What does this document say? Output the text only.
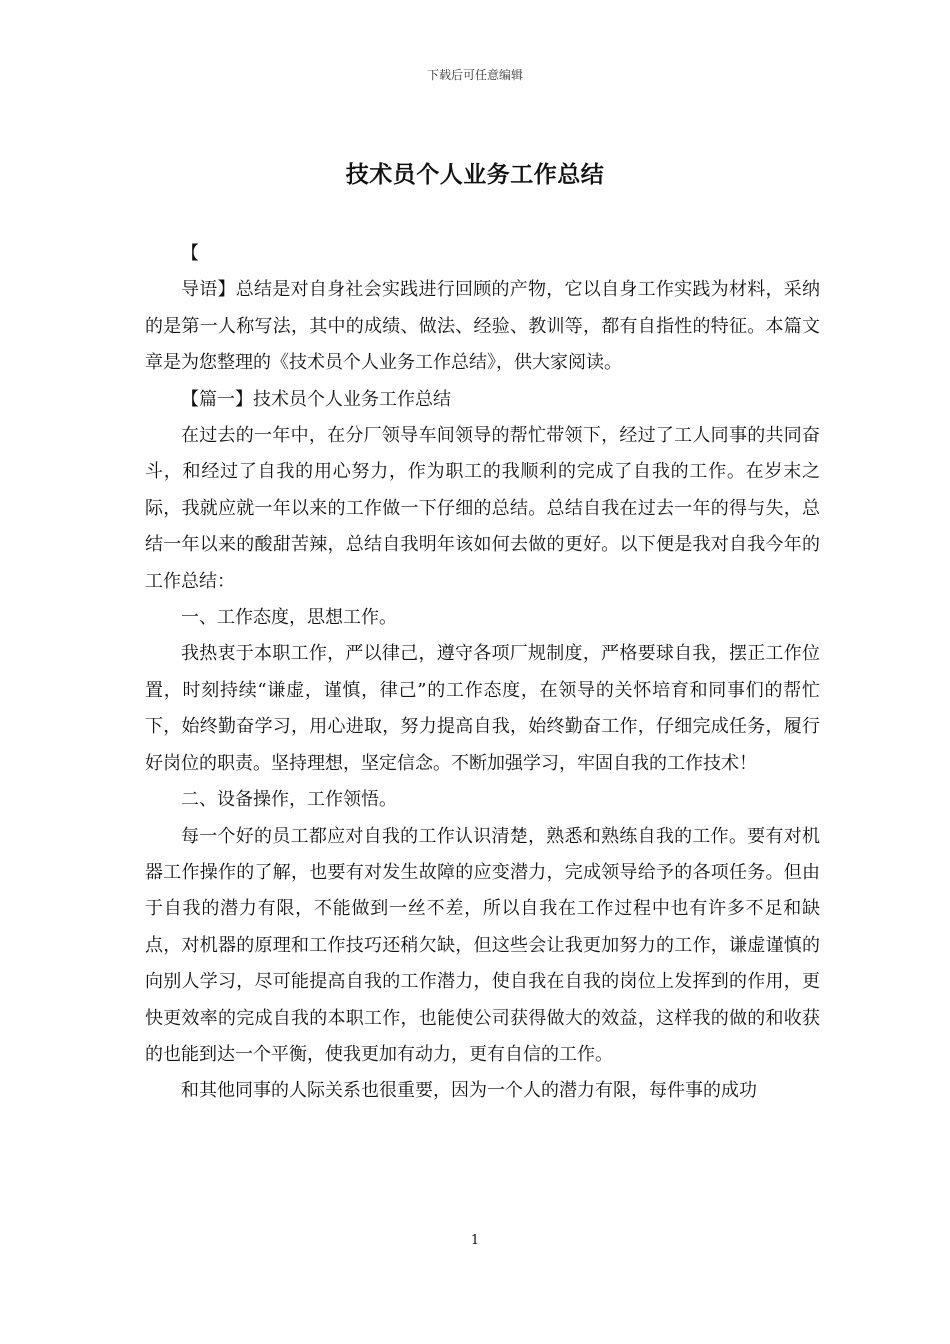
下载后可任意编辑
技术员个人业务工作总结

【

导语】总结是对自身社会实践进行回顾的产物，它以自身工作实践为材料，采纳的是第一人称写法，其中的成绩、做法、经验、教训等，都有自指性的特征。本篇文章是为您整理的《技术员个人业务工作总结》，供大家阅读。

【篇一】技术员个人业务工作总结

在过去的一年中，在分厂领导车间领导的帮忙带领下，经过了工人同事的共同奋斗，和经过了自我的用心努力，作为职工的我顺利的完成了自我的工作。在岁末之际，我就应就一年以来的工作做一下仔细的总结。总结自我在过去一年的得与失，总结一年以来的酸甜苦辣，总结自我明年该如何去做的更好。以下便是我对自我今年的工作总结：

一、工作态度，思想工作。

我热衷于本职工作，严以律己，遵守各项厂规制度，严格要球自我，摆正工作位置，时刻持续“谦虚，谨慎，律己”的工作态度，在领导的关怀培育和同事们的帮忙下，始终勤奋学习，用心进取，努力提高自我，始终勤奋工作，仔细完成任务，履行好岗位的职责。坚持理想，坚定信念。不断加强学习，牢固自我的工作技术！

二、设备操作，工作领悟。

每一个好的员工都应对自我的工作认识清楚，熟悉和熟练自我的工作。要有对机器工作操作的了解，也要有对发生故障的应变潜力，完成领导给予的各项任务。但由于自我的潜力有限，不能做到一丝不差，所以自我在工作过程中也有许多不足和缺点，对机器的原理和工作技巧还稍欠缺，但这些会让我更加努力的工作，谦虚谨慎的向别人学习，尽可能提高自我的工作潜力，使自我在自我的岗位上发挥到的作用，更快更效率的完成自我的本职工作，也能使公司获得做大的效益，这样我的做的和收获的也能到达一个平衡，使我更加有动力，更有自信的工作。

和其他同事的人际关系也很重要，因为一个人的潜力有限，每件事的成功

1
